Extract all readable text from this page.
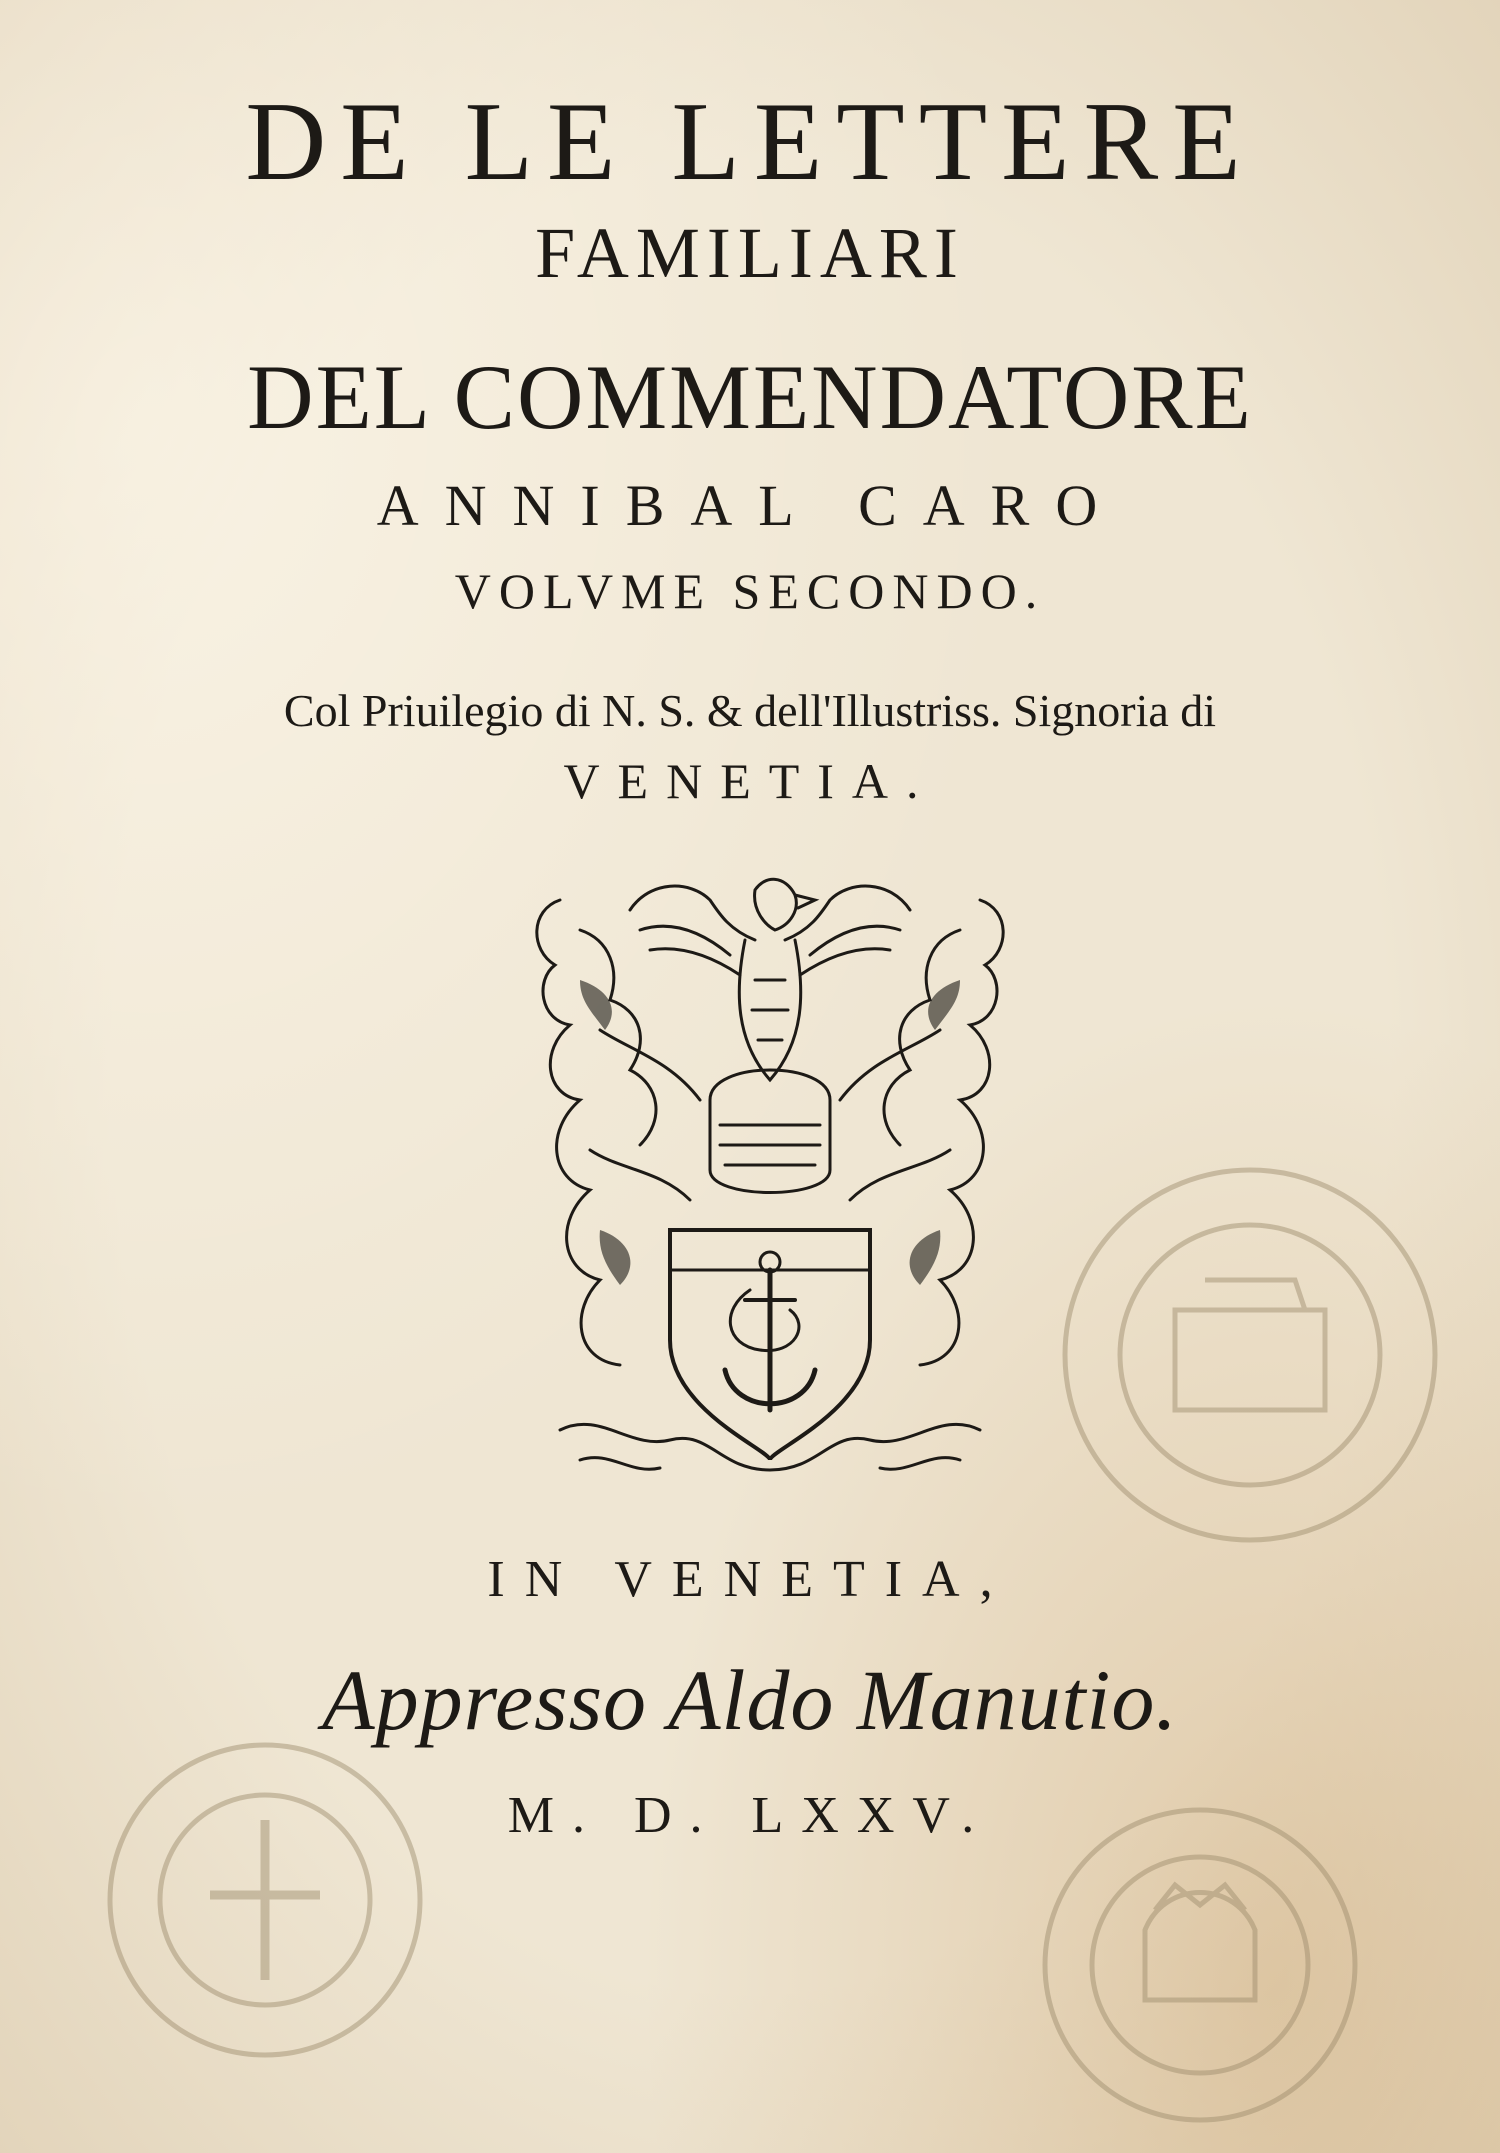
DE LE LETTERE
FAMILIARI
DEL COMMENDATORE
ANNIBAL CARO
VOLVME SECONDO.
Col Priuilegio di N. S. & dell'Illustriss. Signoria di
VENETIA.
IN VENETIA,
Appresso Aldo Manutio.
M. D. LXXV.
